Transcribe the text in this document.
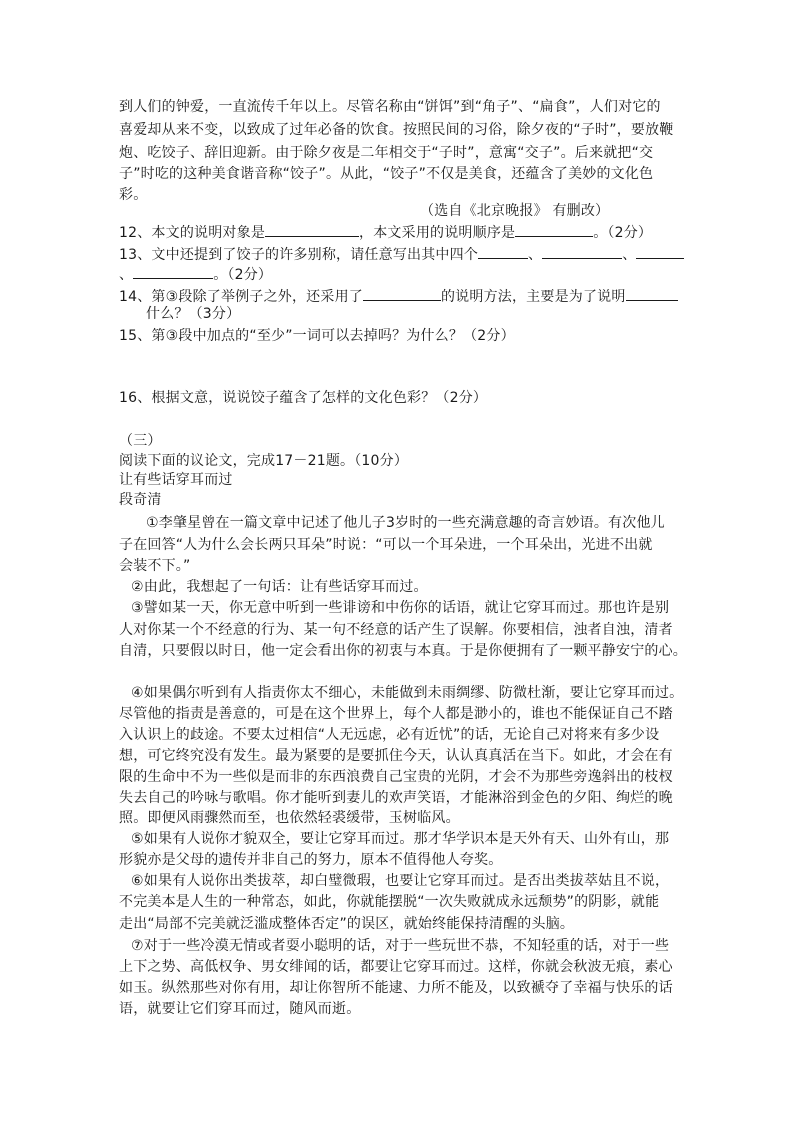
到人们的钟爱，一直流传千年以上。尽管名称由“饼饵”到“角子”、“扁食”，人们对它的
喜爱却从来不变，以致成了过年必备的饮食。按照民间的习俗，除夕夜的“子时”，要放鞭
炮、吃饺子、辞旧迎新。由于除夕夜是二年相交于“子时”，意寓“交子”。后来就把“交
子”时吃的这种美食谐音称“饺子”。从此，“饺子”不仅是美食，还蕴含了美妙的文化色
彩。
（选自《北京晚报》 有删改）
12、本文的说明对象是	，本文采用的说明顺序是	。（2分）
13、文中还提到了饺子的许多别称，请任意写出其中四个	、	、
、	。（2分）
14、第③段除了举例子之外，还采用了	的说明方法，主要是为了说明
什么？（3分）
15、第③段中加点的“至少”一词可以去掉吗？为什么？（2分）
16、根据文意，说说饺子蕴含了怎样的文化色彩？（2分）
（三）
阅读下面的议论文，完成17－21题。（10分）
让有些话穿耳而过
段奇清
①李肇星曾在一篇文章中记述了他儿子3岁时的一些充满意趣的奇言妙语。有次他儿
子在回答“人为什么会长两只耳朵”时说：“可以一个耳朵进，一个耳朵出，光进不出就
会装不下。”
②由此，我想起了一句话：让有些话穿耳而过。
③譬如某一天，你无意中听到一些诽谤和中伤你的话语，就让它穿耳而过。那也许是别
人对你某一个不经意的行为、某一句不经意的话产生了误解。你要相信，浊者自浊，清者
自清，只要假以时日，他一定会看出你的初衷与本真。于是你便拥有了一颗平静安宁的心。
④如果偶尔听到有人指责你太不细心，未能做到未雨绸缪、防微杜渐，要让它穿耳而过。
尽管他的指责是善意的，可是在这个世界上，每个人都是渺小的，谁也不能保证自己不踏
入认识上的歧途。不要太过相信“人无远虑，必有近忧”的话，无论自己对将来有多少设
想，可它终究没有发生。最为紧要的是要抓住今天，认认真真活在当下。如此，才会在有
限的生命中不为一些似是而非的东西浪费自己宝贵的光阴，才会不为那些旁逸斜出的枝杈
失去自己的吟咏与歌唱。你才能听到妻儿的欢声笑语，才能淋浴到金色的夕阳、绚烂的晚
照。即便风雨骤然而至，也依然轻裘缓带，玉树临风。
⑤如果有人说你才貌双全，要让它穿耳而过。那才华学识本是天外有天、山外有山，那
形貌亦是父母的遗传并非自己的努力，原本不值得他人夸奖。
⑥如果有人说你出类拔萃，却白璧微瑕，也要让它穿耳而过。是否出类拔萃姑且不说，
不完美本是人生的一种常态，如此，你就能摆脱“一次失败就成永远颓势”的阴影，就能
走出“局部不完美就泛滥成整体否定”的误区，就始终能保持清醒的头脑。
⑦对于一些冷漠无情或者耍小聪明的话，对于一些玩世不恭，不知轻重的话，对于一些
上下之势、高低权争、男女绯闻的话，都要让它穿耳而过。这样，你就会秋波无痕，素心
如玉。纵然那些对你有用，却让你智所不能逮、力所不能及，以致褫夺了幸福与快乐的话
语，就要让它们穿耳而过，随风而逝。
